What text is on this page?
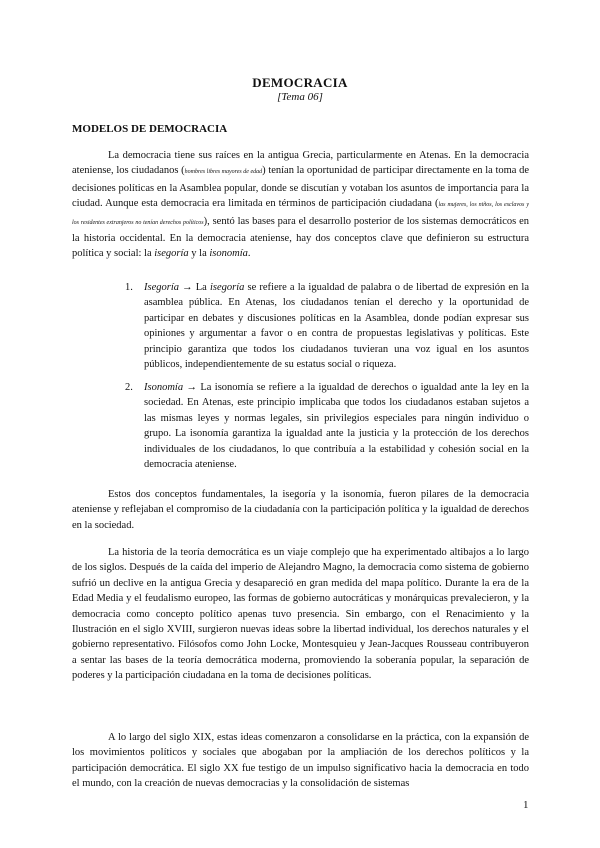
DEMOCRACIA
[Tema 06]
MODELOS DE DEMOCRACIA

La democracia tiene sus raíces en la antigua Grecia, particularmente en Atenas. En la democracia ateniense, los ciudadanos (hombres libres mayores de edad) tenían la oportunidad de participar directamente en la toma de decisiones políticas en la Asamblea popular, donde se discutían y votaban los asuntos de importancia para la ciudad. Aunque esta democracia era limitada en términos de participación ciudadana (las mujeres, los niños, los esclavos y los residentes extranjeros no tenían derechos políticos), sentó las bases para el desarrollo posterior de los sistemas democráticos en la historia occidental. En la democracia ateniense, hay dos conceptos clave que definieron su estructura política y social: la isegoría y la isonomía.

1. Isegoría → La isegoría se refiere a la igualdad de palabra o de libertad de expresión en la asamblea pública. En Atenas, los ciudadanos tenían el derecho y la oportunidad de participar en debates y discusiones políticas en la Asamblea, donde podían expresar sus opiniones y argumentar a favor o en contra de propuestas legislativas y políticas. Este principio garantiza que todos los ciudadanos tuvieran una voz igual en los asuntos públicos, independientemente de su estatus social o riqueza.

2. Isonomía → La isonomía se refiere a la igualdad de derechos o igualdad ante la ley en la sociedad. En Atenas, este principio implicaba que todos los ciudadanos estaban sujetos a las mismas leyes y normas legales, sin privilegios especiales para ningún individuo o grupo. La isonomía garantiza la igualdad ante la justicia y la protección de los derechos individuales de los ciudadanos, lo que contribuía a la estabilidad y cohesión social en la democracia ateniense.

Estos dos conceptos fundamentales, la isegoría y la isonomía, fueron pilares de la democracia ateniense y reflejaban el compromiso de la ciudadanía con la participación política y la igualdad de derechos en la sociedad.

La historia de la teoría democrática es un viaje complejo que ha experimentado altibajos a lo largo de los siglos. Después de la caída del imperio de Alejandro Magno, la democracia como sistema de gobierno sufrió un declive en la antigua Grecia y desapareció en gran medida del mapa político. Durante la era de la Edad Media y el feudalismo europeo, las formas de gobierno autocráticas y monárquicas prevalecieron, y la democracia como concepto político apenas tuvo presencia. Sin embargo, con el Renacimiento y la Ilustración en el siglo XVIII, surgieron nuevas ideas sobre la libertad individual, los derechos naturales y el gobierno representativo. Filósofos como John Locke, Montesquieu y Jean-Jacques Rousseau contribuyeron a sentar las bases de la teoría democrática moderna, promoviendo la soberanía popular, la separación de poderes y la participación ciudadana en la toma de decisiones políticas.

A lo largo del siglo XIX, estas ideas comenzaron a consolidarse en la práctica, con la expansión de los movimientos políticos y sociales que abogaban por la ampliación de los derechos políticos y la participación democrática. El siglo XX fue testigo de un impulso significativo hacia la democracia en todo el mundo, con la creación de nuevas democracias y la consolidación de sistemas

1
